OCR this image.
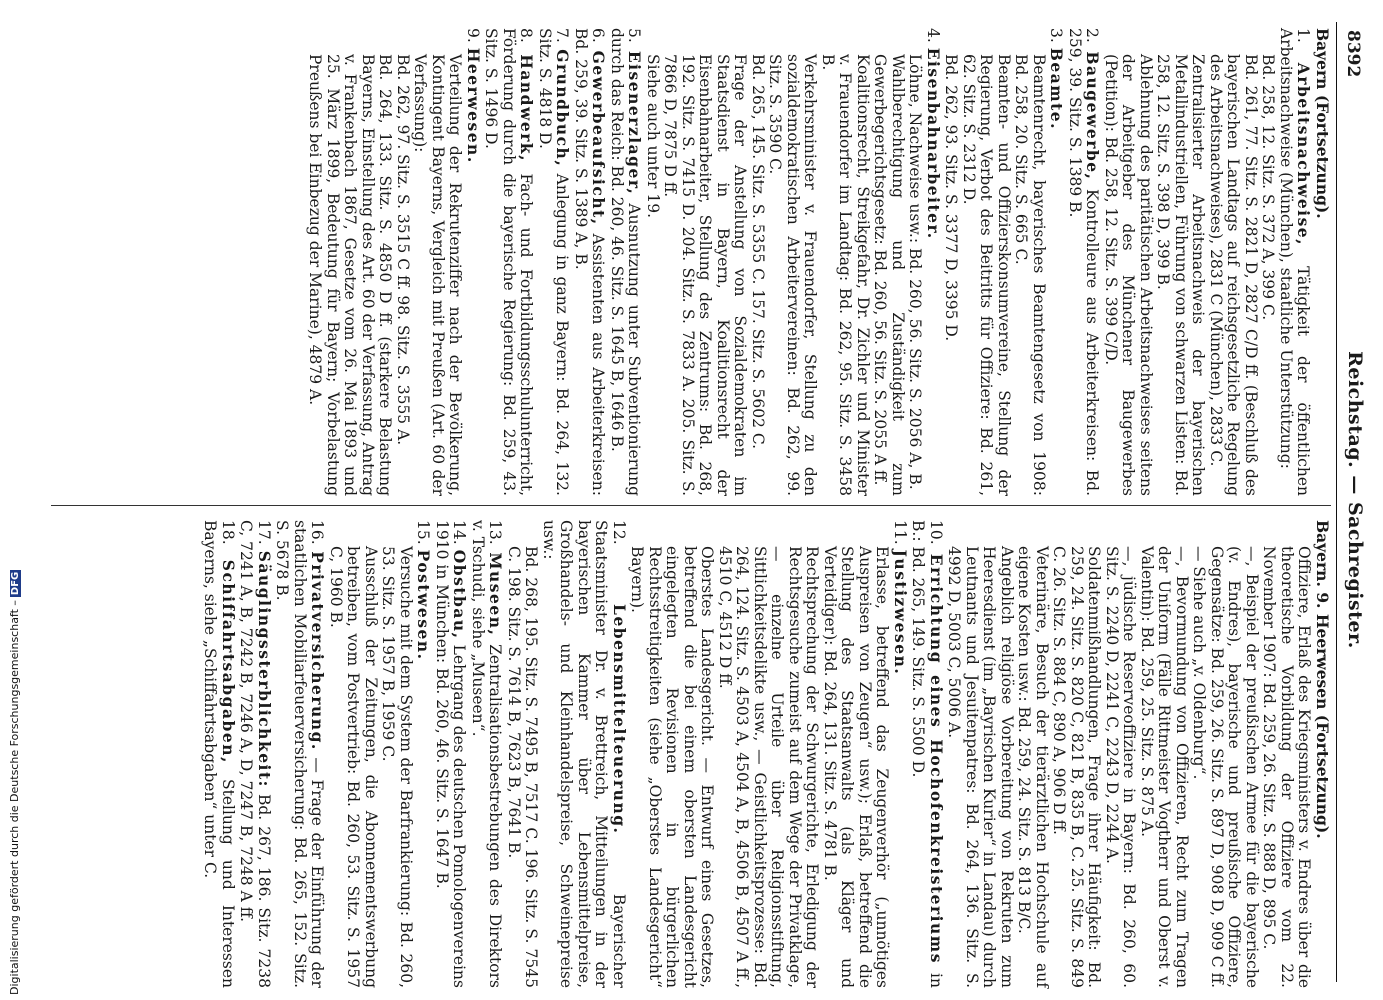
8392
Reichstag. — Sachregister.
Bayern (Fortsetzung).

1. Arbeitsnachweise, Tätigkeit der öffentlichen Arbeitsnachweise (München), staatliche Unterstützung:

Bd. 258, 12. Sitz. S. 372 A, 399 C.

Bd. 261, 77. Sitz. S. 2821 D, 2827 C/D ff. (Beschluß des bayerischen Landtags auf reichsgesetzliche Regelung des Arbeitsnachweises), 2831 C (München), 2833 C.

Zentralisierter Arbeitsnachweis der bayerischen Metallindustriellen, Führung von schwarzen Listen: Bd. 258, 12. Sitz. S. 398 D, 399 B.

Ablehnung des paritätischen Arbeitsnachweises seitens der Arbeitgeber des Münchener Baugewerbes (Petition): Bd. 258, 12. Sitz. S. 399 C/D.

2. Baugewerbe, Kontrolleure aus Arbeiterkreisen: Bd. 259, 39. Sitz. S. 1389 B.

3. Beamte.

Beamtenrecht, bayerisches Beamtengesetz von 1908: Bd. 258, 20. Sitz. S. 665 C.

Beamten- und Offizierskonsumvereine, Stellung der Regierung, Verbot des Beitritts für Offiziere: Bd. 261, 62. Sitz. S. 2312 D.

Bd. 262, 93. Sitz. S. 3377 D, 3395 D.

4. Eisenbahnarbeiter.

Löhne, Nachweise usw.: Bd. 260, 56. Sitz. S. 2056 A, B.

Wahlberechtigung und Zuständigkeit zum Gewerbegerichtsgesetz: Bd. 260, 56. Sitz. S. 2055 A ff.

Koalitionsrecht, Streikgefahr, Dr. Zichler und Minister v. Frauendorfer im Landtag: Bd. 262, 95. Sitz. S. 3458 B.

Verkehrsminister v. Frauendorfer, Stellung zu den sozialdemokratischen Arbeitervereinen: Bd. 262, 99. Sitz. S. 3590 C.

Bd. 265, 145. Sitz. S. 5355 C. 157. Sitz. S. 5602 C.

Frage der Anstellung von Sozialdemokraten im Staatsdienst in Bayern, Koalitionsrecht der Eisenbahnarbeiter, Stellung des Zentrums: Bd. 268, 192. Sitz. S. 7415 D. 204. Sitz. S. 7833 A. 205. Sitz. S. 7866 D, 7875 D ff.

Siehe auch unter 19.

5. Eisenerzlager, Ausnutzung unter Subventionierung durch das Reich: Bd. 260, 46. Sitz. S. 1645 B, 1646 B.

6. Gewerbeaufsicht, Assistenten aus Arbeiterkreisen: Bd. 259, 39. Sitz. S. 1389 A, B.

7. Grundbuch, Anlegung in ganz Bayern: Bd. 264, 132. Sitz. S. 4818 D.

8. Handwerk, Fach- und Fortbildungsschulunterricht, Förderung durch die bayerische Regierung: Bd. 259, 43. Sitz. S. 1496 D.

9. Heerwesen.

Verteilung der Rekrutenziffer nach der Bevölkerung, Kontingent Bayerns, Vergleich mit Preußen (Art. 60 der Verfassung):

Bd. 262, 97. Sitz. S. 3515 C ff. 98. Sitz. S. 3555 A.

Bd. 264, 133. Sitz. S. 4850 D ff. (starkere Belastung Bayerns, Einstellung des Art. 60 der Verfassung, Antrag v. Frankenbach 1867, Gesetze vom 26. Mai 1893 und 25. März 1899, Bedeutung für Bayern; Vorbelastung Preußens bei Einbezug der Marine), 4879 A.

Bayern. 9. Heerwesen (Fortsetzung).

Offiziere, Erlaß des Kriegsministers v. Endres über die theoretische Vorbildung der Offiziere vom 22. November 1907: Bd. 259, 26. Sitz. S. 888 D, 895 C.

—, Beispiel der preußischen Armee für die bayerische (v. Endres), bayerische und preußische Offiziere, Gegensätze: Bd. 259, 26. Sitz. S. 897 D, 908 D, 909 C ff. — Siehe auch „v. Oldenburg“.

—, Bevormundung von Offizieren, Recht zum Tragen der Uniform (Fälle Rittmeister Vogtherr und Oberst v. Valentin): Bd. 259, 25. Sitz. S. 875 A.

—, jüdische Reserveoffiziere in Bayern: Bd. 260, 60. Sitz. S. 2240 D, 2241 C, 2243 D, 2244 A.

Soldatenmißhandlungen, Frage ihrer Häufigkeit: Bd. 259, 24. Sitz. S. 820 C, 821 B, 835 B, C. 25. Sitz. S. 849 C. 26. Sitz. S. 884 C, 890 A, 906 D ff.

Veterinäre, Besuch der tierärztlichen Hochschule auf eigene Kosten usw.: Bd. 259, 24. Sitz. S. 813 B/C.

Angeblich religiöse Vorbereitung von Rekruten zum Heeresdienst (im „Bayrischen Kurier“ in Landau) durch Leutnants und Jesuitenpatres: Bd. 264, 136. Sitz. S. 4992 D, 5003 C, 5006 A.

10. Errichtung eines Hochofenkreisteriums in B.: Bd. 265, 149. Sitz. S. 5500 D.

11. Justizwesen.

Erlasse, betreffend das Zeugenverhör („unnötiges Auspreisen von Zeugen“ usw.); Erlaß, betreffend die Stellung des Staatsanwalts (als Kläger und Verteidiger): Bd. 264, 131. Sitz. S. 4781 B.

Rechtsprechung der Schwurgerichte, Erledigung der Rechtsgesuche zumeist auf dem Wege der Privatklage, — einzelne Urteile über Religionsstiftung, Sittlichkeitsdelikte usw., — Geistlichkeitsprozesse: Bd. 264, 124. Sitz. S. 4503 A, 4504 A, B, 4506 B, 4507 A ff., 4510 C, 4512 D ff.

Oberstes Landesgericht. — Entwurf eines Gesetzes, betreffend die bei einem obersten Landesgericht eingelegten Revisionen in bürgerlichen Rechtsstreitigkeiten (siehe „Oberstes Landesgericht“ Bayern).

12. Lebensmittelteuerung. Bayerischer Staatsminister Dr. v. Brettreich, Mitteilungen in der bayerischen Kammer über Lebensmittelpreise, Großhandels- und Kleinhandelspreise, Schweinepreise usw.:

Bd. 268, 195. Sitz. S. 7495 B, 7517 C. 196. Sitz. S. 7545 C. 198. Sitz. S. 7614 B, 7623 B, 7641 B.

13. Museen, Zentralisationsbestrebungen des Direktors v. Tschudi, siehe „Museen“.

14. Obstbau, Lehrgang des deutschen Pomologenvereins 1910 in München: Bd. 260, 46. Sitz. S. 1647 B.

15. Postwesen.

Versuche mit dem System der Barfrankierung: Bd. 260, 53. Sitz. S. 1957 B, 1959 C.

Ausschluß der Zeitungen, die Abonnementswerbung betreiben, vom Postvertrieb: Bd. 260, 53. Sitz. S. 1957 C, 1960 B.

16. Privatversicherung. — Frage der Einführung der staatlichen Mobiliarfeuerversicherung: Bd. 265, 152. Sitz. S. 5678 B.

17. Säuglingssterblichkeit: Bd. 267, 186. Sitz. 7238 C, 7241 A, B, 7242 B, 7246 A, D, 7247 B, 7248 A ff.

18. Schiffahrtsabgaben, Stellung und Interessen Bayerns, siehe „Schiffahrtsabgaben“ unter C.

Digitalisierung gefördert durch die Deutsche Forschungsgemeinschaft –DFG
